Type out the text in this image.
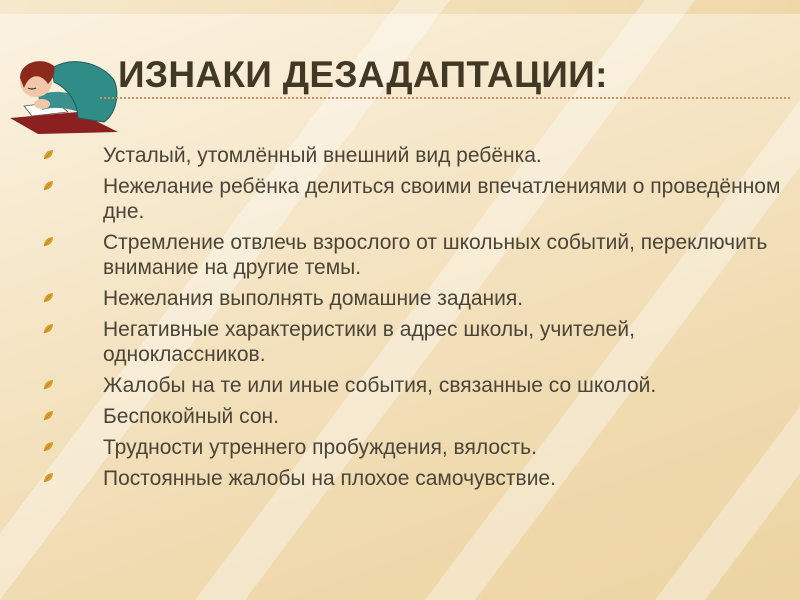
ИЗНАКИ ДЕЗАДАПТАЦИИ:
Усталый, утомлённый внешний вид ребёнка.
Нежелание ребёнка делиться своими впечатлениями о проведённом дне.
Стремление отвлечь взрослого от школьных событий, переключить внимание на другие темы.
Нежелания выполнять домашние задания.
Негативные характеристики в адрес школы, учителей, одноклассников.
Жалобы на те или иные события, связанные со школой.
Беспокойный сон.
Трудности утреннего пробуждения, вялость.
Постоянные жалобы на плохое самочувствие.
